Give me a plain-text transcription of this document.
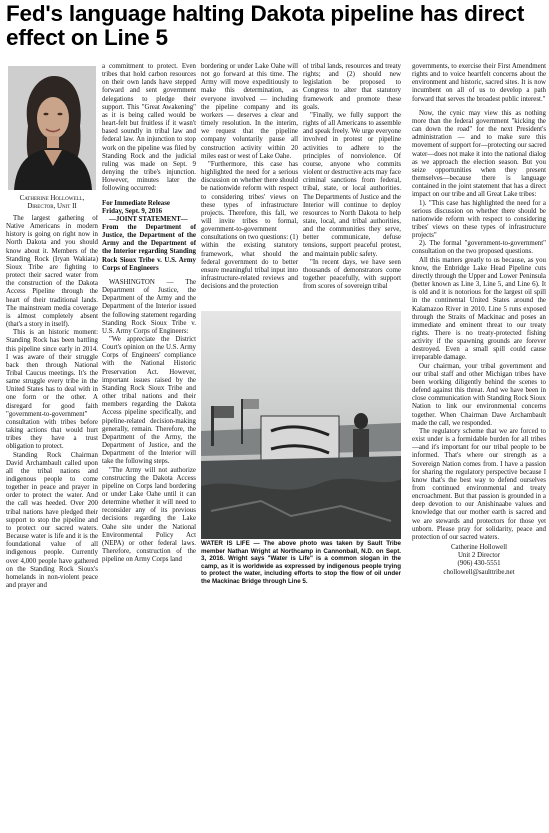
Fed's language halting Dakota pipeline has direct effect on Line 5
Catherine Hollowell,
Director, Unit II

The largest gathering of Native Americans in modern history is going on right now in North Dakota and you should know about it. Members of the Standing Rock (Iryan Wakiata) Sioux Tribe are fighting to protect their sacred water from the construction of the Dakota Access Pipeline through the heart of their traditional lands. The mainstream media coverage is almost completely absent (that's a story in itself).

This is an historic moment: Standing Rock has been battling this pipeline since early in 2014. I was aware of their struggle back then through National Tribal Caucus meetings. It's the same struggle every tribe in the United States has to deal with in one form or the other. A disregard for good faith "government-to-government" consultation with tribes before taking actions that would hurt tribes they have a trust obligation to protect.

Standing Rock Chairman David Archambault called upon all the tribal nations and indigenous people to come together in peace and prayer in order to protect the water. And the call was heeded. Over 200 tribal nations have pledged their support to stop the pipeline and to protect our sacred waters. Because water is life and it is the foundational value of all indigenous people. Currently over 4,000 people have gathered on the Standing Rock Sioux's homelands in non-violent peace and prayer and

a commitment to protect. Even tribes that hold carbon resources on their own lands have stepped forward and sent government delegations to pledge their support. This "Great Awakening" as it is being called would be heart-felt but fruitless if it wasn't based soundly in tribal law and federal law. An injunction to stop work on the pipeline was filed by Standing Rock and the judicial ruling was made on Sept. 9 denying the tribe's injunction. However, minutes later the following occurred:

For Immediate Release

Friday, Sept. 9, 2016

—JOINT STATEMENT—

From the Department of Justice, the Department of the Army and the Department of the Interior regarding Standing Rock Sioux Tribe v. U.S. Army Corps of Engineers

WASHINGTON — The Department of Justice, the Department of the Army and the Department of the Interior issued the following statement regarding Standing Rock Sioux Tribe v. U.S. Army Corps of Engineers:

"We appreciate the District Court's opinion on the U.S. Army Corps of Engineers' compliance with the National Historic Preservation Act. However, important issues raised by the Standing Rock Sioux Tribe and other tribal nations and their members regarding the Dakota Access pipeline specifically, and pipeline-related decision-making generally, remain. Therefore, the Department of the Army, the Department of Justice, and the Department of the Interior will take the following steps.

"The Army will not authorize constructing the Dakota Access pipeline on Corps land bordering or under Lake Oahe until it can determine whether it will need to reconsider any of its previous decisions regarding the Lake Oahe site under the National Environmental Policy Act (NEPA) or other federal laws. Therefore, construction of the pipeline on Army Corps land

bordering or under Lake Oahe will not go forward at this time. The Army will move expeditiously to make this determination, as everyone involved — including the pipeline company and its workers — deserves a clear and timely resolution. In the interim, we request that the pipeline company voluntarily pause all construction activity within 20 miles east or west of Lake Oahe.

"Furthermore, this case has highlighted the need for a serious discussion on whether there should be nationwide reform with respect to considering tribes' views on these types of infrastructure projects. Therefore, this fall, we will invite tribes to formal, government-to-government consultations on two questions: (1) within the existing statutory framework, what should the federal government do to better ensure meaningful tribal input into infrastructure-related reviews and decisions and the protection

of tribal lands, resources and treaty rights; and (2) should new legislation be proposed to Congress to alter that statutory framework and promote these goals.

"Finally, we fully support the rights of all Americans to assemble and speak freely. We urge everyone involved in protest or pipeline activities to adhere to the principles of nonviolence. Of course, anyone who commits violent or destructive acts may face criminal sanctions from federal, tribal, state, or local authorities. The Departments of Justice and the Interior will continue to deploy resources to North Dakota to help state, local, and tribal authorities, and the communities they serve, better communicate, defuse tensions, support peaceful protest, and maintain public safety.

"In recent days, we have seen thousands of demonstrators come together peacefully, with support from scores of sovereign tribal

WATER IS LIFE — The above photo was taken by Sault Tribe member Nathan Wright at Northcamp in Cannonball, N.D. on Sept. 3, 2016. Wright says "Water is Life" is a common slogan in the camp, as it is worldwide as expressed by indigenous people trying to protect the water, including efforts to stop the flow of oil under the Mackinac Bridge through Line 5.

governments, to exercise their First Amendment rights and to voice heartfelt concerns about the environment and historic, sacred sites. It is now incumbent on all of us to develop a path forward that serves the broadest public interest."

Now, the cynic may view this as nothing more than the federal government "kicking the can down the road" for the next President's administration — and to make sure this movement of support for—protecting our sacred water—does not make it into the national dialog as we approach the election season. But you seize opportunities when they present themselves—because there is language contained in the joint statement that has a direct impact on our tribe and all Great Lake tribes:

1). "This case has highlighted the need for a serious discussion on whether there should be nationwide reform with respect to considering tribes' views on these types of infrastructure projects"

2). The formal "government-to-government" consultation on the two proposed questions.

All this matters greatly to us because, as you know, the Enbridge Lake Head Pipeline cuts directly through the Upper and Lower Peninsula (better known as Line 3, Line 5, and Line 6). It is old and it is notorious for the largest oil spill in the continental United States around the Kalamazoo River in 2010. Line 5 runs exposed through the Straits of Mackinac and poses an immediate and eminent threat to our treaty rights. There is no treaty-protected fishing activity if the spawning grounds are forever destroyed. Even a small spill could cause irreparable damage.

Our chairman, your tribal government and our tribal staff and other Michigan tribes have been working diligently behind the scenes to defend against this threat. And we have been in close communication with Standing Rock Sioux Nation to link our environmental concerns together. When Chairman Dave Archambault made the call, we responded.

The regulatory scheme that we are forced to exist under is a formidable burden for all tribes—and it's important for our tribal people to be informed. That's where our strength as a Sovereign Nation comes from. I have a passion for sharing the regulatory perspective because I know that's the best way to defend ourselves from continued environmental and treaty encroachment. But that passion is grounded in a deep devotion to our Anishinaabe values and knowledge that our mother earth is sacred and we are stewards and protectors for those yet unborn. Please pray for solidarity, peace and protection of our sacred waters.

Catherine Hollowell

Unit 2 Director

(906) 430-5551

chollowell@saulttribe.net
